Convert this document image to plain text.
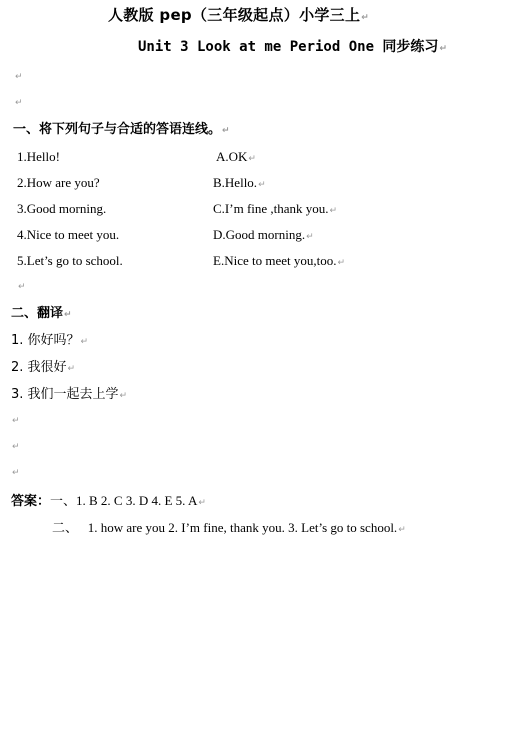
人教版 pep（三年级起点）小学三上↵
Unit 3 Look at me Period One 同步练习↵
↵
↵
一、将下列句子与合适的答语连线。↵
1.Hello!
2.How are you?
3.Good morning.
4.Nice to meet you.
5.Let’s go to school.
A.OK↵
B.Hello.↵
C.I’m fine ,thank you.↵
D.Good morning.↵
E.Nice to meet you,too.↵
↵
二、翻译↵
1. 你好吗？↵
2. 我很好↵
3. 我们一起去上学↵
↵
↵
↵
答案：一、1. B 2. C 3. D 4. E 5. A↵
二、 1. how are you 2. I’m fine, thank you. 3. Let’s go to school.↵
